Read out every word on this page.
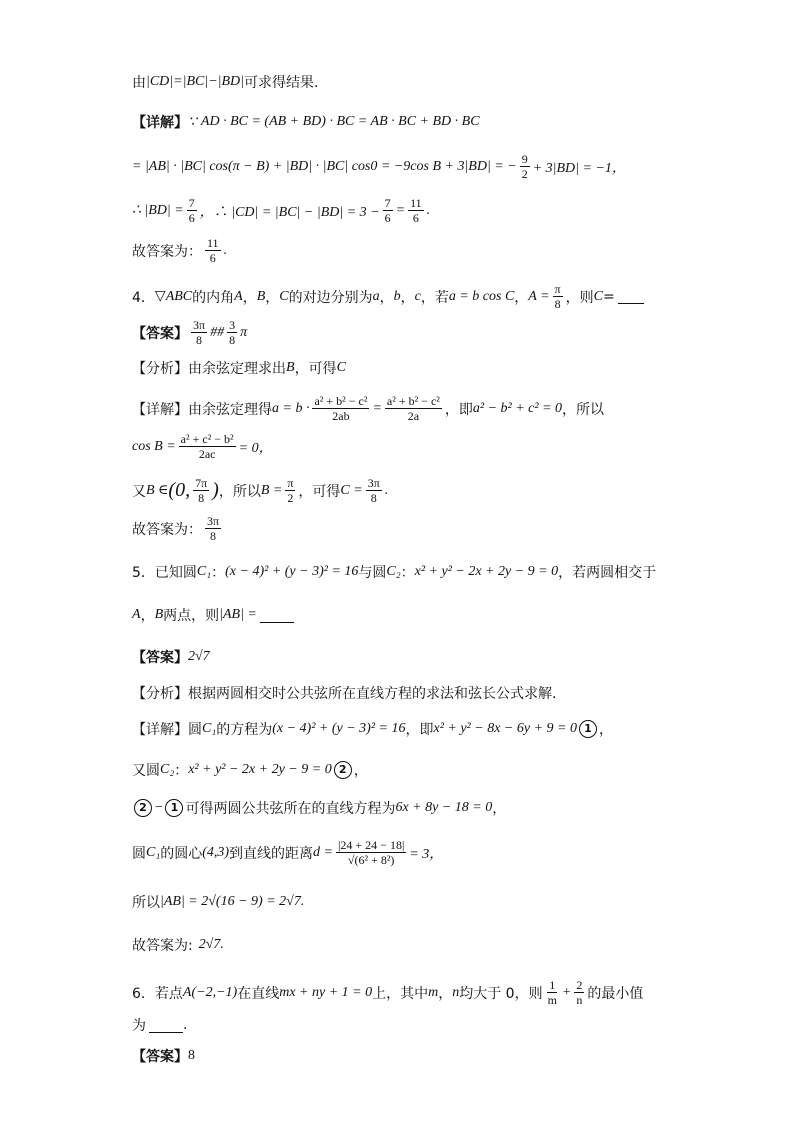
由 |CD| = |BC| − |BD| 可求得结果.
【详解】 ∵ AD · BC = (AB + BD) · BC = AB · BC + BD · BC
= |AB| · |BC| cos(π − B) + |BD| · |BC| cos0 = −9cos B + 3|BD| = − $\frac{9}{2} + 3|BD| = -1$，
∴ $|BD| = \frac{7}{6}$ ，∴ $|CD| = |BC| - |BD| = 3 - \frac{7}{6} = \frac{11}{6}$ .
故答案为： $\frac{11}{6}$ .
4． ▽ABC 的内角 A ， B ， C 的对边分别为 a ， b ， c ，若 a = b cos C ， $A = \frac{\pi}{8}$ ，则 C =
【答案】 $\frac{3\pi}{8}$ ## $\frac{3}{8}$ π
【分析】由余弦定理求出 B ，可得 C
【详解】由余弦定理得 $a = b \cdot \frac{\text{a² + b² − c²}}{2ab} = \frac{\text{a² + b² − c²}}{2a}$ ，即 a² − b² + c² = 0 ，所以
$\cos B = \frac{\text{a² + c² − b²}}{2ac} = 0$，
又 B ∈ (0, $\frac{7\pi}{8}$ ) ，所以 $B = \frac{\pi}{2}$ ，可得 $C = \frac{3\pi}{8}$ .
故答案为： $\frac{3\pi}{8}$
5．已知圆 C₁ ： (x − 4)² + (y − 3)² = 16 与圆 C₂ ： x² + y² − 2x + 2y − 9 = 0 ，若两圆相交于
A ， B 两点，则 |AB| =
【答案】 2√7
【分析】根据两圆相交时公共弦所在直线方程的求法和弦长公式求解.
【详解】圆 C₁ 的方程为 (x − 4)² + (y − 3)² = 16 ，即 x² + y² − 8x − 6y + 9 = 0 1 ，
又圆 C₂ ： x² + y² − 2x + 2y − 9 = 0 2 ，
2 − 1 可得两圆公共弦所在的直线方程为 6x + 8y − 18 = 0 ，
圆 C₁ 的圆心 (4,3) 到直线的距离 $d = \frac{|24 + 24 - 18|}{\text{√(6² + 8²)}} = 3$，
所以 |AB| = 2√(16 − 9) = 2√7 .
故答案为: 2√7 .
6．若点 A(−2,−1) 在直线 mx + ny + 1 = 0 上，其中 m ， n 均大于 0，则 $\frac{1}{m} + \frac{2}{n}$ 的最小值
为	.
【答案】 8
